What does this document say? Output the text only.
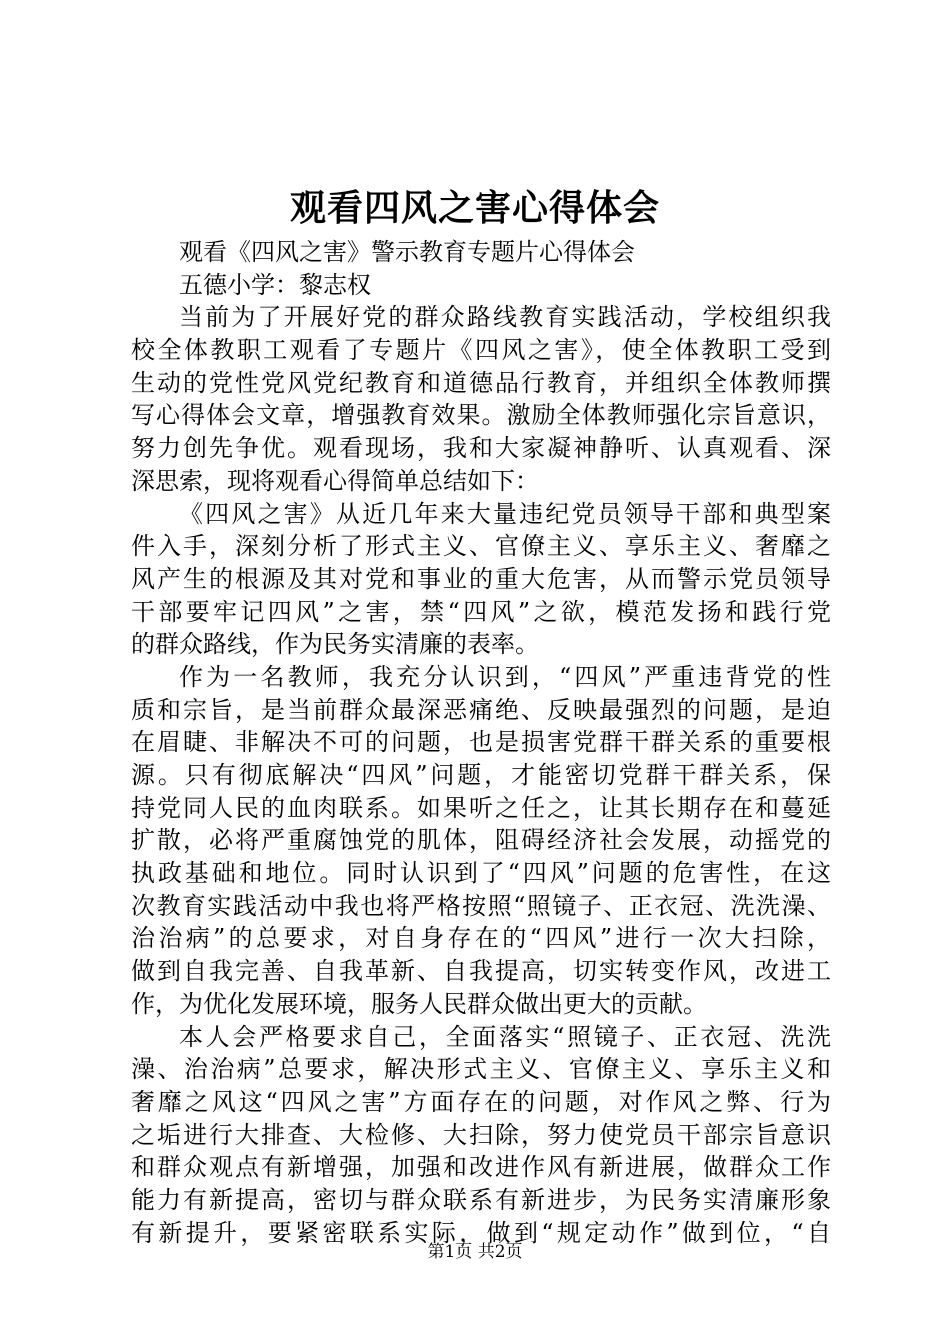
观看四风之害心得体会
观看《四风之害》警示教育专题片心得体会
五德小学：黎志权
当前为了开展好党的群众路线教育实践活动，学校组织我
校全体教职工观看了专题片《四风之害》，使全体教职工受到
生动的党性党风党纪教育和道德品行教育，并组织全体教师撰
写心得体会文章，增强教育效果。激励全体教师强化宗旨意识，
努力创先争优。观看现场，我和大家凝神静听、认真观看、深
深思索，现将观看心得简单总结如下：
《四风之害》从近几年来大量违纪党员领导干部和典型案
件入手，深刻分析了形式主义、官僚主义、享乐主义、奢靡之
风产生的根源及其对党和事业的重大危害，从而警示党员领导
干部要牢记四风”之害，禁“四风”之欲，模范发扬和践行党
的群众路线，作为民务实清廉的表率。
作为一名教师，我充分认识到，“四风”严重违背党的性
质和宗旨，是当前群众最深恶痛绝、反映最强烈的问题，是迫
在眉睫、非解决不可的问题，也是损害党群干群关系的重要根
源。只有彻底解决“四风”问题，才能密切党群干群关系，保
持党同人民的血肉联系。如果听之任之，让其长期存在和蔓延
扩散，必将严重腐蚀党的肌体，阻碍经济社会发展，动摇党的
执政基础和地位。同时认识到了“四风”问题的危害性，在这
次教育实践活动中我也将严格按照“照镜子、正衣冠、洗洗澡、
治治病”的总要求，对自身存在的“四风”进行一次大扫除，
做到自我完善、自我革新、自我提高，切实转变作风，改进工
作，为优化发展环境，服务人民群众做出更大的贡献。
本人会严格要求自己，全面落实“照镜子、正衣冠、洗洗
澡、治治病”总要求，解决形式主义、官僚主义、享乐主义和
奢靡之风这“四风之害”方面存在的问题，对作风之弊、行为
之垢进行大排查、大检修、大扫除，努力使党员干部宗旨意识
和群众观点有新增强，加强和改进作风有新进展，做群众工作
能力有新提高，密切与群众联系有新进步，为民务实清廉形象
有新提升，要紧密联系实际，做到“规定动作”做到位，“自
第1页 共2页
